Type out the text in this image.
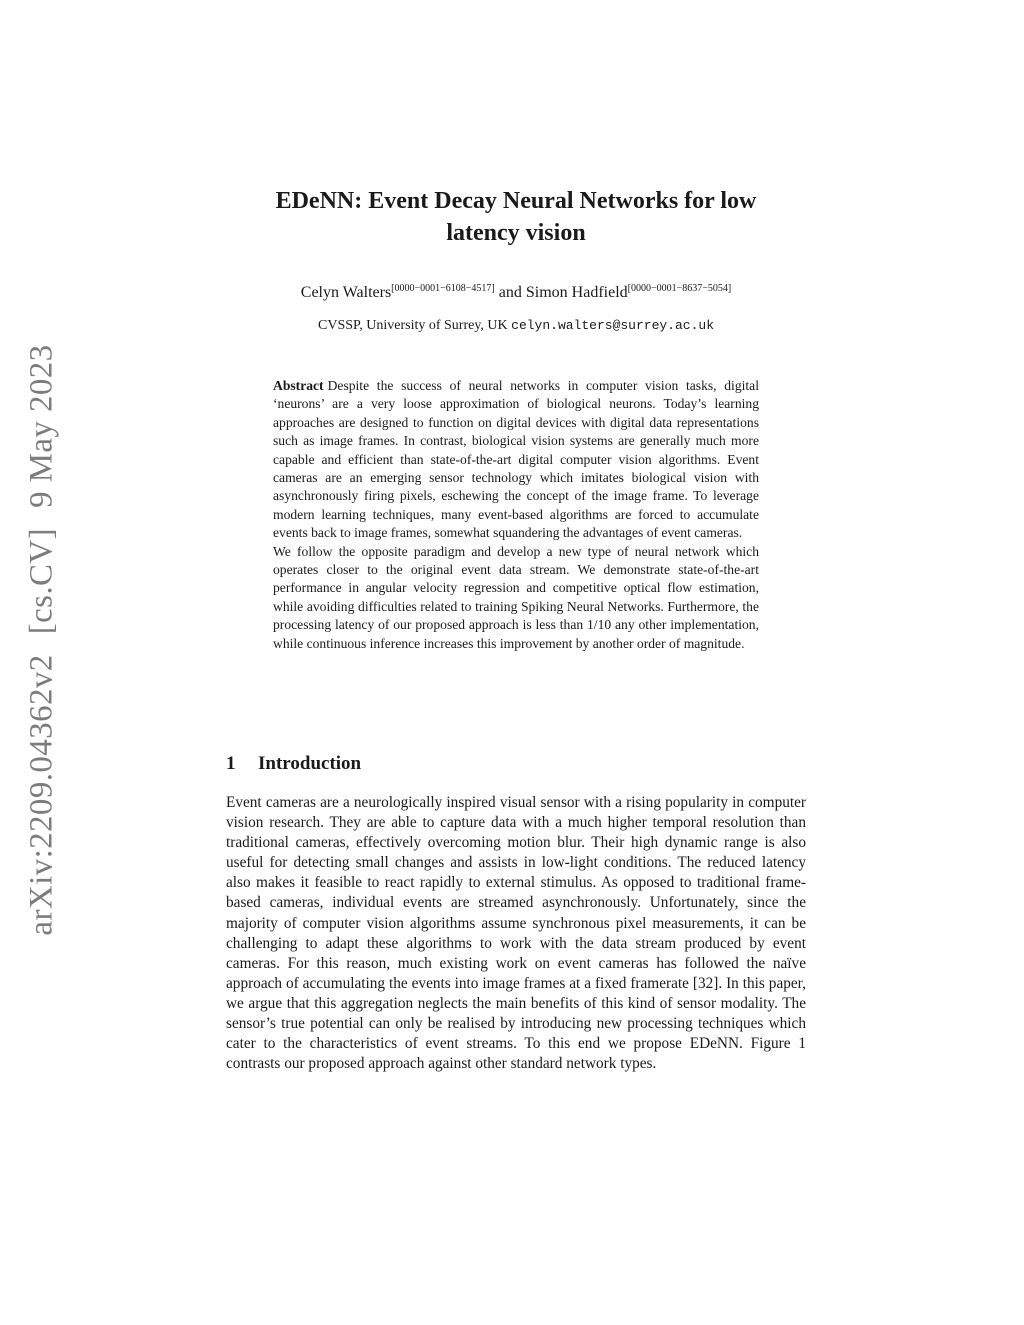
arXiv:2209.04362v2[cs.CV]9 May 2023
EDeNN: Event Decay Neural Networks for low
latency vision
Celyn Walters[0000−0001−6108−4517] and Simon Hadfield[0000−0001−8637−5054]
CVSSP, University of Surrey, UK celyn.walters@surrey.ac.uk

Abstract Despite the success of neural networks in computer vision tasks, digital ‘neurons’ are a very loose approximation of biological neurons. Today’s learning approaches are designed to function on digital devices with digital data representations such as image frames. In contrast, biological vision systems are generally much more capable and efficient than state-of-the-art digital computer vision algorithms. Event cameras are an emerging sensor technology which imitates biological vision with asynchronously firing pixels, eschewing the concept of the image frame. To leverage modern learning techniques, many event-based algorithms are forced to accumulate events back to image frames, somewhat squandering the advantages of event cameras.

We follow the opposite paradigm and develop a new type of neural network which operates closer to the original event data stream. We demonstrate state-of-the-art performance in angular velocity regression and competitive optical flow estimation, while avoiding difficulties related to training Spiking Neural Networks. Furthermore, the processing latency of our proposed approach is less than 1/10 any other implementation, while continuous inference increases this improvement by another order of magnitude.

1 Introduction

Event cameras are a neurologically inspired visual sensor with a rising popularity in computer vision research. They are able to capture data with a much higher temporal resolution than traditional cameras, effectively overcoming motion blur. Their high dynamic range is also useful for detecting small changes and assists in low-light conditions. The reduced latency also makes it feasible to react rapidly to external stimulus. As opposed to traditional frame-based cameras, individual events are streamed asynchronously. Unfortunately, since the majority of computer vision algorithms assume synchronous pixel measurements, it can be challenging to adapt these algorithms to work with the data stream produced by event cameras. For this reason, much existing work on event cameras has followed the naïve approach of accumulating the events into image frames at a fixed framerate [32]. In this paper, we argue that this aggregation neglects the main benefits of this kind of sensor modality. The sensor’s true potential can only be realised by introducing new processing techniques which cater to the characteristics of event streams. To this end we propose EDeNN. Figure 1 contrasts our proposed approach against other standard network types.
